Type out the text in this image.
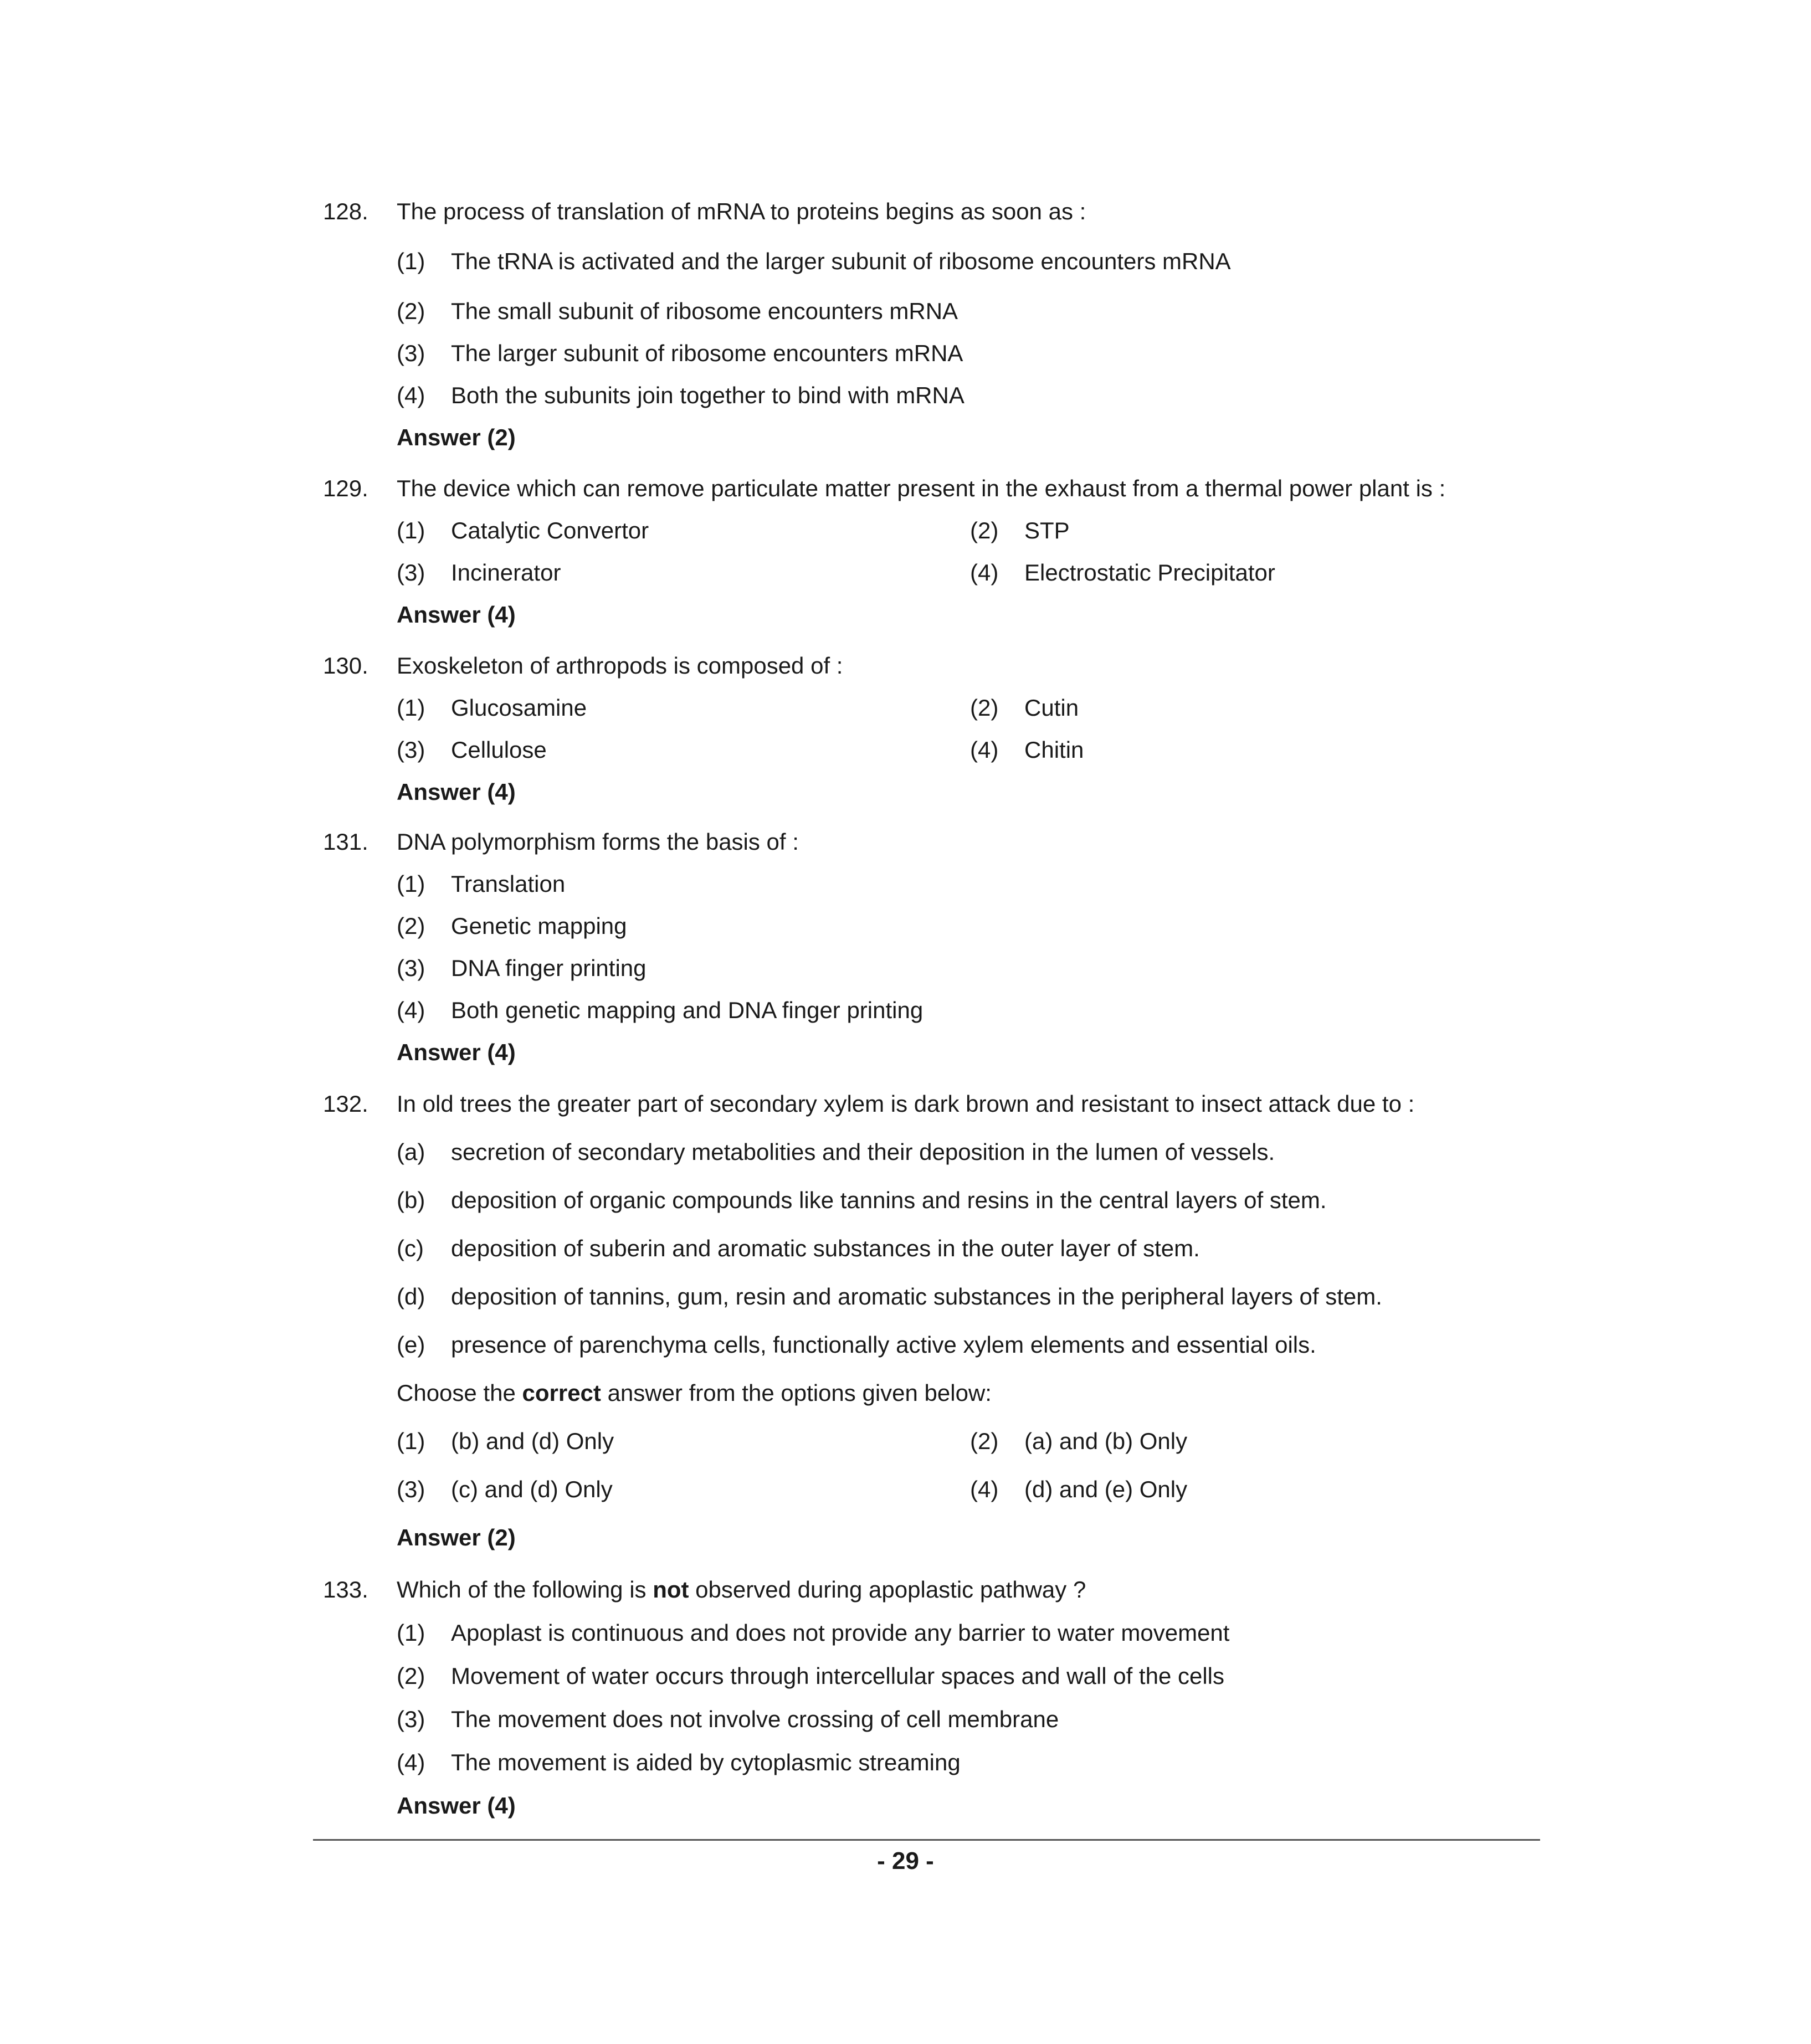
128. The process of translation of mRNA to proteins begins as soon as :
(1) The tRNA is activated and the larger subunit of ribosome encounters mRNA
(2) The small subunit of ribosome encounters mRNA
(3) The larger subunit of ribosome encounters mRNA
(4) Both the subunits join together to bind with mRNA
Answer (2)
129. The device which can remove particulate matter present in the exhaust from a thermal power plant is :
(1) Catalytic Convertor	(2) STP
(3) Incinerator	(4) Electrostatic Precipitator
Answer (4)
130. Exoskeleton of arthropods is composed of :
(1) Glucosamine	(2) Cutin
(3) Cellulose	(4) Chitin
Answer (4)
131. DNA polymorphism forms the basis of :
(1) Translation
(2) Genetic mapping
(3) DNA finger printing
(4) Both genetic mapping and DNA finger printing
Answer (4)
132. In old trees the greater part of secondary xylem is dark brown and resistant to insect attack due to :
(a) secretion of secondary metabolities and their deposition in the lumen of vessels.
(b) deposition of organic compounds like tannins and resins in the central layers of stem.
(c) deposition of suberin and aromatic substances in the outer layer of stem.
(d) deposition of tannins, gum, resin and aromatic substances in the peripheral layers of stem.
(e) presence of parenchyma cells, functionally active xylem elements and essential oils.
Choose the correct answer from the options given below:
(1) (b) and (d) Only	(2) (a) and (b) Only
(3) (c) and (d) Only	(4) (d) and (e) Only
Answer (2)
133. Which of the following is not observed during apoplastic pathway ?
(1) Apoplast is continuous and does not provide any barrier to water movement
(2) Movement of water occurs through intercellular spaces and wall of the cells
(3) The movement does not involve crossing of cell membrane
(4) The movement is aided by cytoplasmic streaming
Answer (4)
- 29 -
